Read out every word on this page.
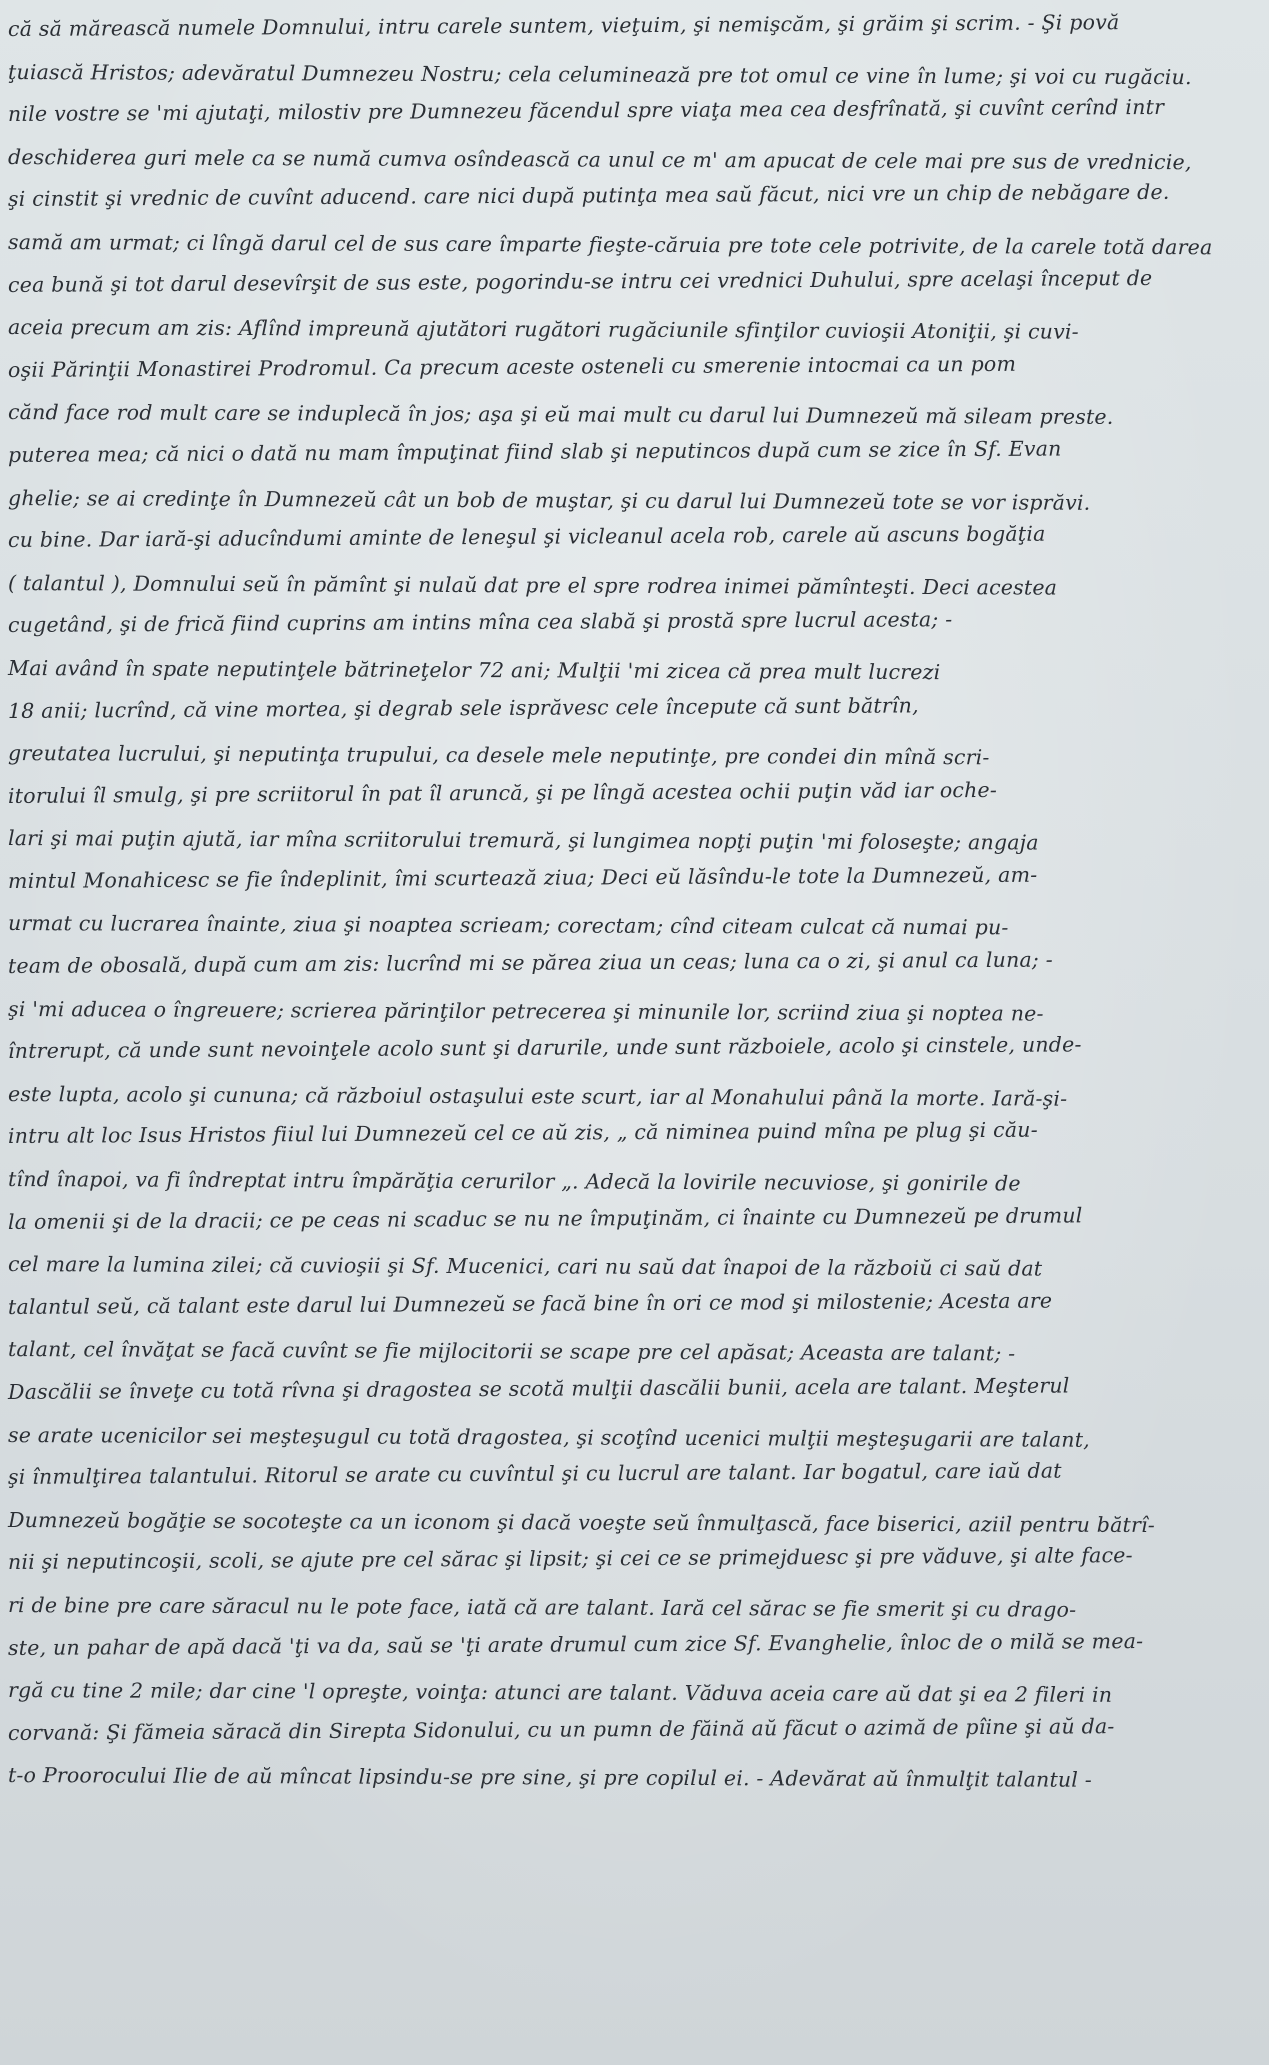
că să mărească numele Domnului, intru carele suntem, vieţuim, şi nemişcăm, şi grăim şi scrim. - Şi povă
ţuiască Hristos; adevăratul Dumnezeu Nostru; cela celuminează pre tot omul ce vine în lume; şi voi cu rugăciu.
nile vostre se 'mi ajutaţi, milostiv pre Dumnezeu făcendul spre viaţa mea cea desfrînată, şi cuvînt cerînd intr
deschiderea guri mele ca se numă cumva osîndească ca unul ce m' am apucat de cele mai pre sus de vrednicie,
şi cinstit şi vrednic de cuvînt aducend. care nici după putinţa mea saŭ făcut, nici vre un chip de nebăgare de.
samă am urmat; ci lîngă darul cel de sus care împarte fieşte-căruia pre tote cele potrivite, de la carele totă darea
cea bună şi tot darul desevîrşit de sus este, pogorindu-se intru cei vrednici Duhului, spre acelaşi început de
aceia precum am zis: Aflînd impreună ajutători rugători rugăciunile sfinţilor cuvioşii Atoniţii, şi cuvi-
oşii Părinţii Monastirei Prodromul. Ca precum aceste osteneli cu smerenie intocmai ca un pom
cănd face rod mult care se induplecă în jos; aşa şi eŭ mai mult cu darul lui Dumnezeŭ mă sileam preste.
puterea mea; că nici o dată nu mam împuţinat fiind slab şi neputincos după cum se zice în Sf. Evan
ghelie; se ai credinţe în Dumnezeŭ cât un bob de muştar, şi cu darul lui Dumnezeŭ tote se vor isprăvi.
cu bine. Dar iară-şi aducîndumi aminte de leneşul şi vicleanul acela rob, carele aŭ ascuns bogăţia
( talantul ), Domnului seŭ în pămînt şi nulaŭ dat pre el spre rodrea inimei pămînteşti. Deci acestea
cugetând, şi de frică fiind cuprins am intins mîna cea slabă şi prostă spre lucrul acesta; -
Mai având în spate neputinţele bătrineţelor 72 ani; Mulţii 'mi zicea că prea mult lucrezi
18 anii; lucrînd, că vine mortea, şi degrab sele isprăvesc cele începute că sunt bătrîn,
greutatea lucrului, şi neputinţa trupului, ca desele mele neputinţe, pre condei din mînă scri-
itorului îl smulg, şi pre scriitorul în pat îl aruncă, şi pe lîngă acestea ochii puţin văd iar oche-
lari şi mai puţin ajută, iar mîna scriitorului tremură, şi lungimea nopţi puţin 'mi foloseşte; angaja
mintul Monahicesc se fie îndeplinit, îmi scurtează ziua; Deci eŭ lăsîndu-le tote la Dumnezeŭ, am-
urmat cu lucrarea înainte, ziua şi noaptea scrieam; corectam; cînd citeam culcat că numai pu-
team de obosală, după cum am zis: lucrînd mi se părea ziua un ceas; luna ca o zi, şi anul ca luna; -
şi 'mi aducea o îngreuere; scrierea părinţilor petrecerea şi minunile lor, scriind ziua şi noptea ne-
întrerupt, că unde sunt nevoinţele acolo sunt şi darurile, unde sunt războiele, acolo şi cinstele, unde-
este lupta, acolo şi cununa; că războiul ostaşului este scurt, iar al Monahului până la morte. Iară-şi-
intru alt loc Isus Hristos fiiul lui Dumnezeŭ cel ce aŭ zis, „ că niminea puind mîna pe plug şi cău-
tînd înapoi, va fi îndreptat intru împărăţia cerurilor „. Adecă la lovirile necuviose, şi gonirile de
la omenii şi de la dracii; ce pe ceas ni scaduc se nu ne împuţinăm, ci înainte cu Dumnezeŭ pe drumul
cel mare la lumina zilei; că cuvioşii şi Sf. Mucenici, cari nu saŭ dat înapoi de la războiŭ ci saŭ dat
talantul seŭ, că talant este darul lui Dumnezeŭ se facă bine în ori ce mod şi milostenie; Acesta are
talant, cel învăţat se facă cuvînt se fie mijlocitorii se scape pre cel apăsat; Aceasta are talant; -
Dascălii se înveţe cu totă rîvna şi dragostea se scotă mulţii dascălii bunii, acela are talant. Meşterul
se arate ucenicilor sei meşteşugul cu totă dragostea, şi scoţînd ucenici mulţii meşteşugarii are talant,
şi înmulţirea talantului. Ritorul se arate cu cuvîntul şi cu lucrul are talant. Iar bogatul, care iaŭ dat
Dumnezeŭ bogăţie se socoteşte ca un iconom şi dacă voeşte seŭ înmulţască, face biserici, aziil pentru bătrî-
nii şi neputincoşii, scoli, se ajute pre cel sărac şi lipsit; şi cei ce se primejduesc şi pre văduve, şi alte face-
ri de bine pre care săracul nu le pote face, iată că are talant. Iară cel sărac se fie smerit şi cu drago-
ste, un pahar de apă dacă 'ţi va da, saŭ se 'ţi arate drumul cum zice Sf. Evanghelie, înloc de o milă se mea-
rgă cu tine 2 mile; dar cine 'l opreşte, voinţa: atunci are talant. Văduva aceia care aŭ dat şi ea 2 fileri in
corvană: Şi fămeia săracă din Sirepta Sidonului, cu un pumn de făină aŭ făcut o azimă de pîine şi aŭ da-
t-o Proorocului Ilie de aŭ mîncat lipsindu-se pre sine, şi pre copilul ei. - Adevărat aŭ înmulţit talantul -
